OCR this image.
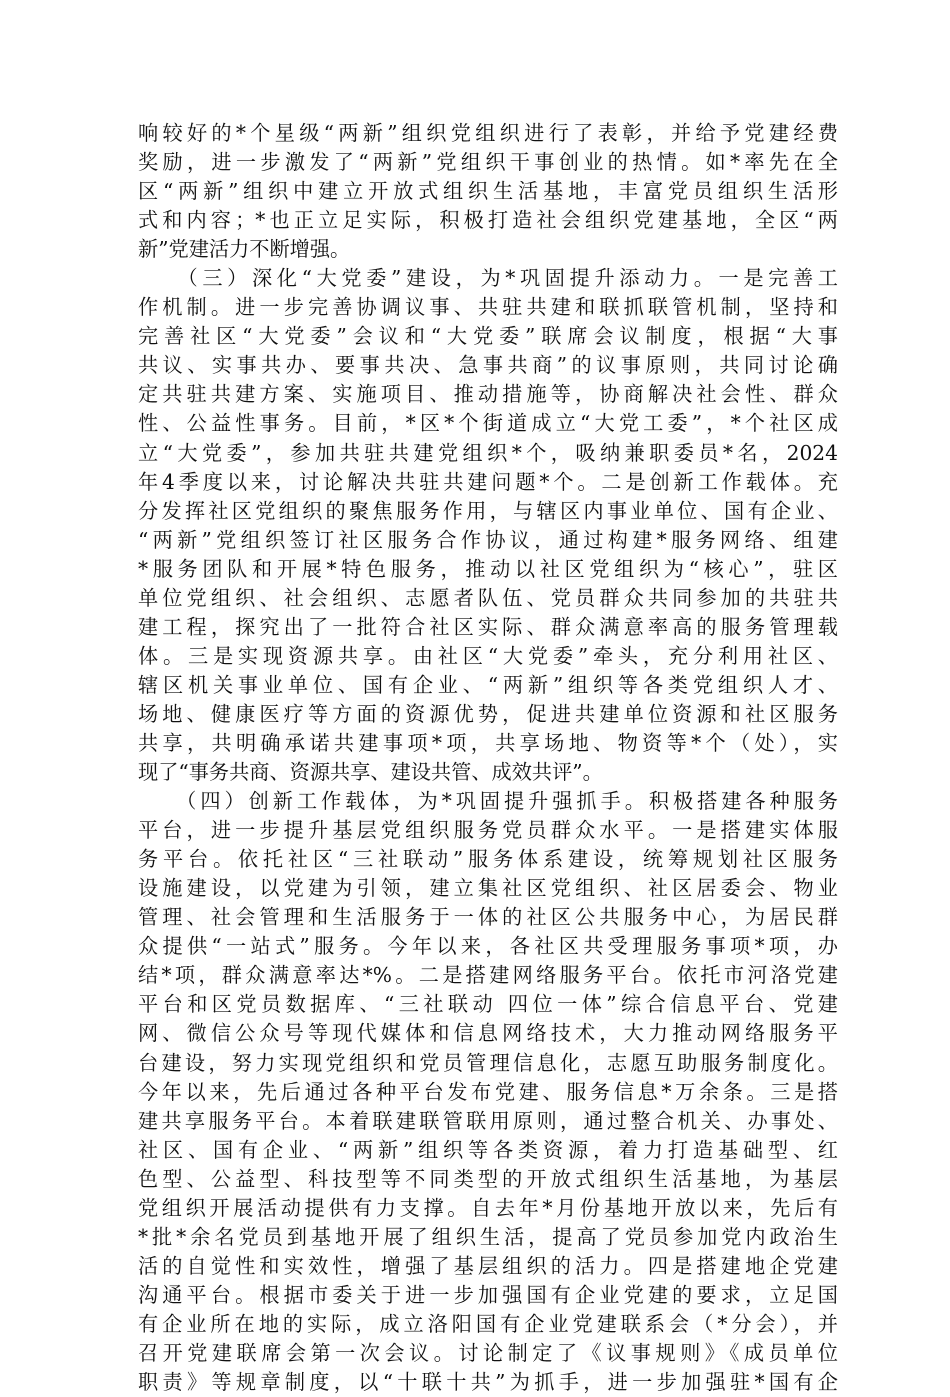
响较好的*个星级“两新”组织党组织进行了表彰，并给予党建经费
奖励，进一步激发了“两新”党组织干事创业的热情。如*率先在全
区“两新”组织中建立开放式组织生活基地，丰富党员组织生活形
式和内容；*也正立足实际，积极打造社会组织党建基地，全区“两
新”党建活力不断增强。
　　（三）深化“大党委”建设，为*巩固提升添动力。一是完善工
作机制。进一步完善协调议事、共驻共建和联抓联管机制，坚持和
完善社区“大党委”会议和“大党委”联席会议制度，根据“大事
共议、实事共办、要事共决、急事共商”的议事原则，共同讨论确
定共驻共建方案、实施项目、推动措施等，协商解决社会性、群众
性、公益性事务。目前，*区*个街道成立“大党工委”，*个社区成
立“大党委”，参加共驻共建党组织*个，吸纳兼职委员*名，2024
年4季度以来，讨论解决共驻共建问题*个。二是创新工作载体。充
分发挥社区党组织的聚焦服务作用，与辖区内事业单位、国有企业、
“两新”党组织签订社区服务合作协议，通过构建*服务网络、组建
*服务团队和开展*特色服务，推动以社区党组织为“核心”，驻区
单位党组织、社会组织、志愿者队伍、党员群众共同参加的共驻共
建工程，探究出了一批符合社区实际、群众满意率高的服务管理载
体。三是实现资源共享。由社区“大党委”牵头，充分利用社区、
辖区机关事业单位、国有企业、“两新”组织等各类党组织人才、
场地、健康医疗等方面的资源优势，促进共建单位资源和社区服务
共享，共明确承诺共建事项*项，共享场地、物资等*个（处），实
现了“事务共商、资源共享、建设共管、成效共评”。
　　（四）创新工作载体，为*巩固提升强抓手。积极搭建各种服务
平台，进一步提升基层党组织服务党员群众水平。一是搭建实体服
务平台。依托社区“三社联动”服务体系建设，统筹规划社区服务
设施建设，以党建为引领，建立集社区党组织、社区居委会、物业
管理、社会管理和生活服务于一体的社区公共服务中心，为居民群
众提供“一站式”服务。今年以来，各社区共受理服务事项*项，办
结*项，群众满意率达*%。二是搭建网络服务平台。依托市河洛党建
平台和区党员数据库、“三社联动 四位一体”综合信息平台、党建
网、微信公众号等现代媒体和信息网络技术，大力推动网络服务平
台建设，努力实现党组织和党员管理信息化，志愿互助服务制度化。
今年以来，先后通过各种平台发布党建、服务信息*万余条。三是搭
建共享服务平台。本着联建联管联用原则，通过整合机关、办事处、
社区、国有企业、“两新”组织等各类资源，着力打造基础型、红
色型、公益型、科技型等不同类型的开放式组织生活基地，为基层
党组织开展活动提供有力支撑。自去年*月份基地开放以来，先后有
*批*余名党员到基地开展了组织生活，提高了党员参加党内政治生
活的自觉性和实效性，增强了基层组织的活力。四是搭建地企党建
沟通平台。根据市委关于进一步加强国有企业党建的要求，立足国
有企业所在地的实际，成立洛阳国有企业党建联系会（*分会），并
召开党建联席会第一次会议。讨论制定了《议事规则》《成员单位
职责》等规章制度，以“十联十共”为抓手，进一步加强驻*国有企
